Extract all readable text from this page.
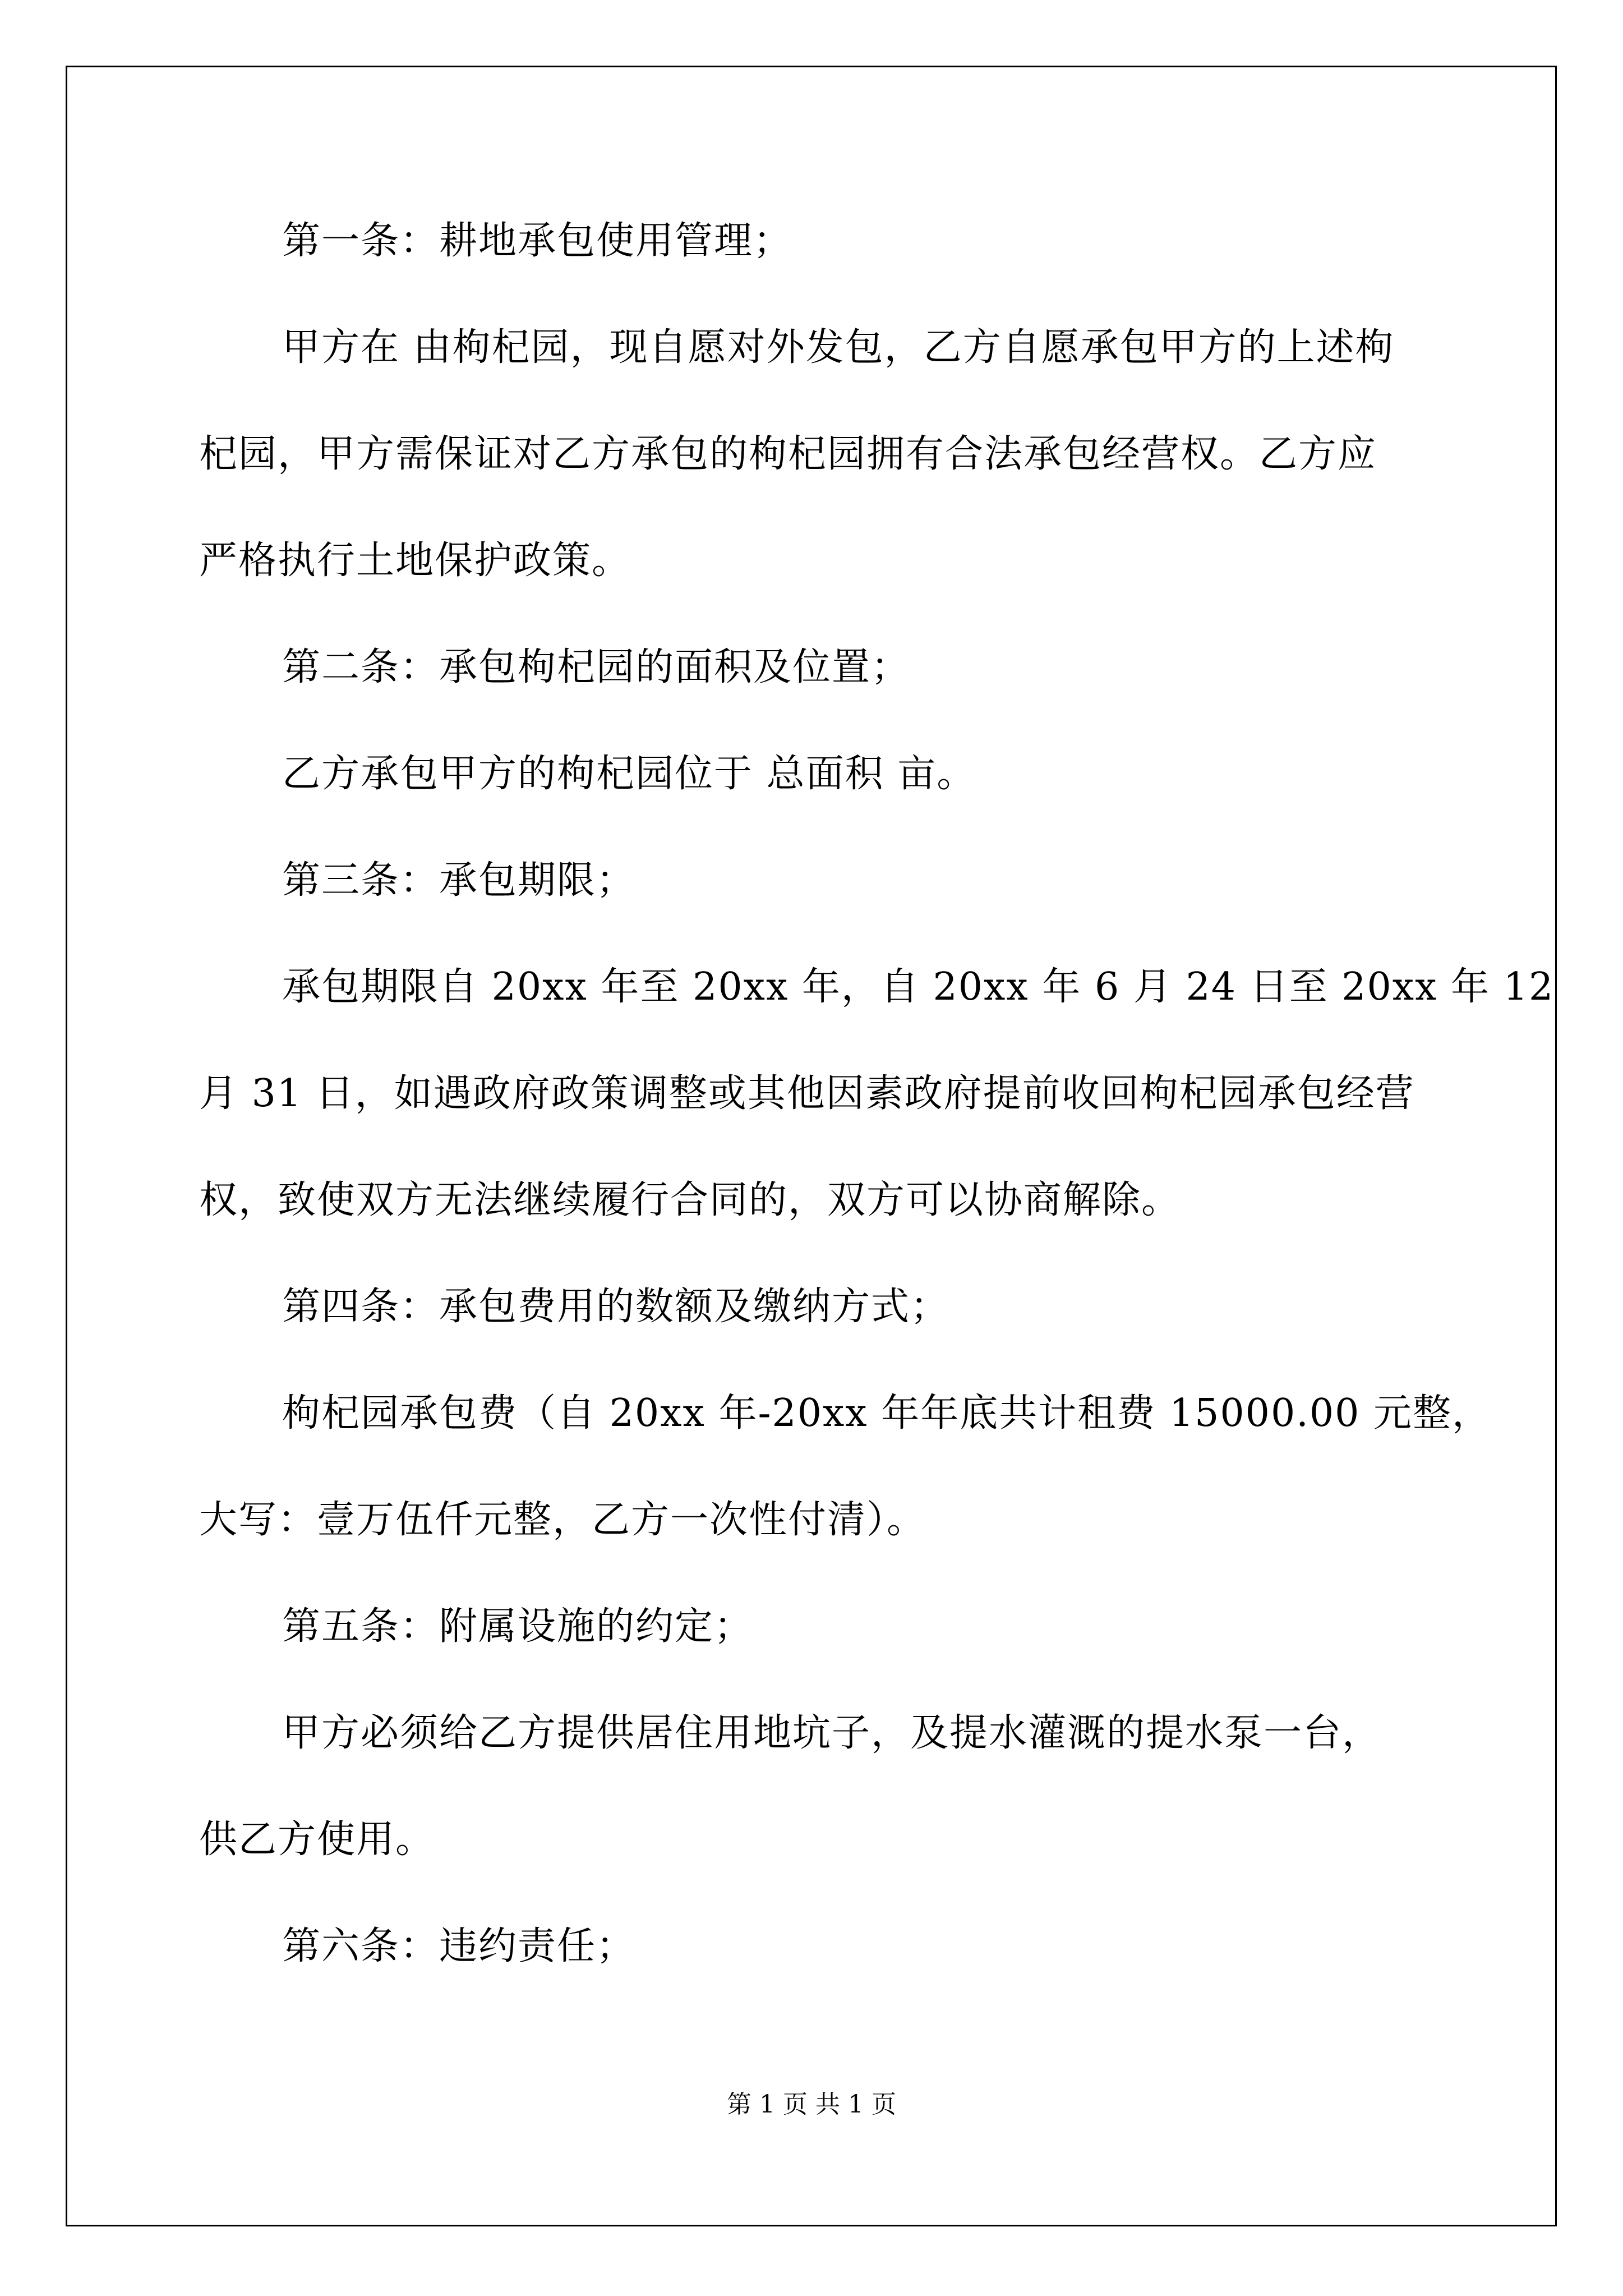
第一条：耕地承包使用管理；
甲方在 由枸杞园，现自愿对外发包，乙方自愿承包甲方的上述枸
杞园，甲方需保证对乙方承包的枸杞园拥有合法承包经营权。乙方应
严格执行土地保护政策。
第二条：承包枸杞园的面积及位置；
乙方承包甲方的枸杞园位于 总面积 亩。
第三条：承包期限；
承包期限自 20xx 年至 20xx 年，自 20xx 年 6 月 24 日至 20xx 年 12
月 31 日，如遇政府政策调整或其他因素政府提前收回枸杞园承包经营
权，致使双方无法继续履行合同的，双方可以协商解除。
第四条：承包费用的数额及缴纳方式；
枸杞园承包费（自 20xx 年-20xx 年年底共计租费 15000.00 元整，
大写：壹万伍仟元整，乙方一次性付清）。
第五条：附属设施的约定；
甲方必须给乙方提供居住用地坑子，及提水灌溉的提水泵一台，
供乙方使用。
第六条：违约责任；
第 1 页 共 1 页
